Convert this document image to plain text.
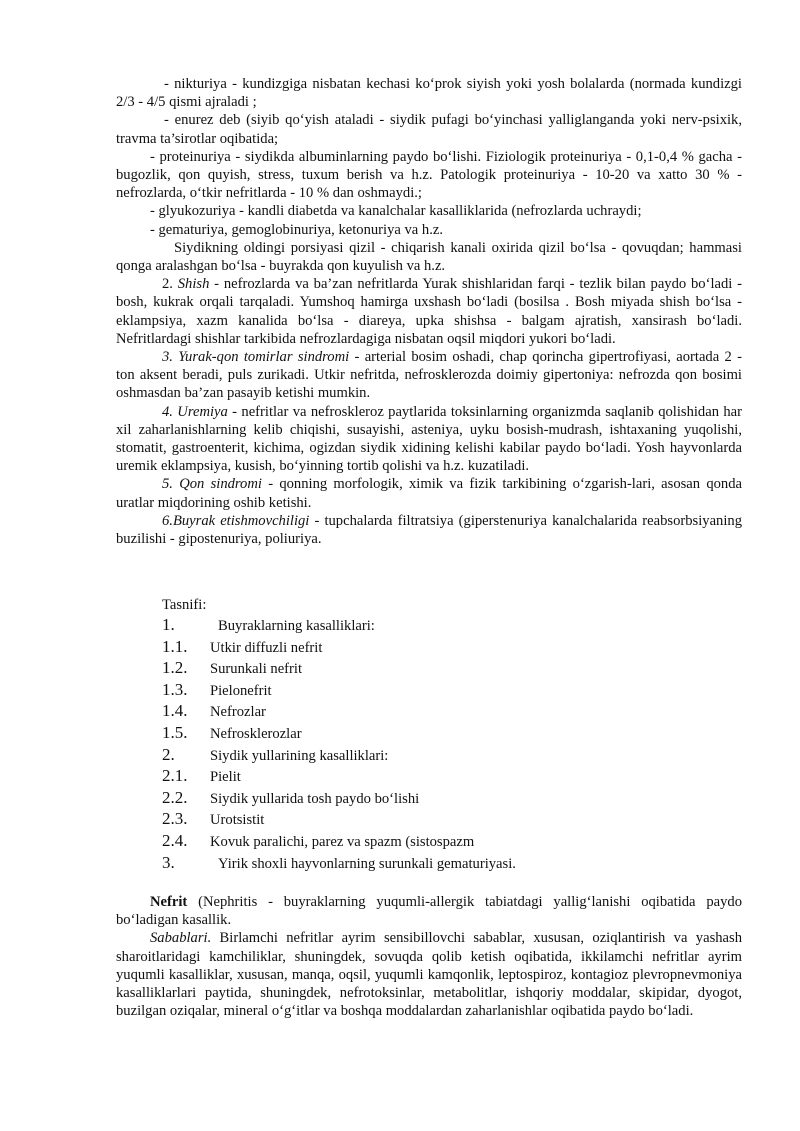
- nikturiya - kundizgiga nisbatan kechasi ko‘prok siyish yoki yosh bolalarda (normada kundizgi 2/3 - 4/5 qismi ajraladi ;

- enurez deb (siyib qo‘yish ataladi - siydik pufagi bo‘yinchasi yalliglanganda yoki nerv-psixik, travma ta’sirotlar oqibatida;

- proteinuriya - siydikda albuminlarning paydo bo‘lishi. Fiziologik proteinuriya - 0,1-0,4 % gacha - bugozlik, qon quyish, stress, tuxum berish va h.z. Patologik proteinuriya - 10-20 va xatto 30 % - nefrozlarda, o‘tkir nefritlarda - 10 % dan oshmaydi.;

- glyukozuriya - kandli diabetda va kanalchalar kasalliklarida (nefrozlarda uchraydi;

- gematuriya, gemoglobinuriya, ketonuriya va h.z.

Siydikning oldingi porsiyasi qizil - chiqarish kanali oxirida qizil bo‘lsa - qovuqdan; hammasi qonga aralashgan bo‘lsa - buyrakda qon kuyulish va h.z.

2. Shish - nefrozlarda va ba’zan nefritlarda Yurak shishlaridan farqi - tezlik bilan paydo bo‘ladi - bosh, kukrak orqali tarqaladi. Yumshoq hamirga uxshash bo‘ladi (bosilsa . Bosh miyada shish bo‘lsa - eklampsiya, xazm kanalida bo‘lsa - diareya, upka shishsa - balgam ajratish, xansirash bo‘ladi. Nefritlardagi shishlar tarkibida nefrozlardagiga nisbatan oqsil miqdori yukori bo‘ladi.

3. Yurak-qon tomirlar sindromi - arterial bosim oshadi, chap qorincha gipertrofiyasi, aortada 2 - ton aksent beradi, puls zurikadi. Utkir nefritda, nefrosklerozda doimiy gipertoniya: nefrozda qon bosimi oshmasdan ba’zan pasayib ketishi mumkin.

4. Uremiya - nefritlar va nefroskleroz paytlarida toksinlarning organizmda saqlanib qolishidan har xil zaharlanishlarning kelib chiqishi, susayishi, asteniya, uyku bosish-mudrash, ishtaxaning yuqolishi, stomatit, gastroenterit, kichima, ogizdan siydik xidining kelishi kabilar paydo bo‘ladi. Yosh hayvonlarda uremik eklampsiya, kusish, bo‘yinning tortib qolishi va h.z. kuzatiladi.

5. Qon sindromi - qonning morfologik, ximik va fizik tarkibining o‘zgarish-lari, asosan qonda uratlar miqdorining oshib ketishi.

6.Buyrak etishmovchiligi - tupchalarda filtratsiya (giperstenuriya kanalchalarida reabsorbsiyaning buzilishi - gipostenuriya, poliuriya.

Tasnifi:
1.	Buyraklarning kasalliklari:
1.1.	Utkir diffuzli nefrit
1.2.	Surunkali nefrit
1.3.	Pielonefrit
1.4.	Nefrozlar
1.5.	Nefrosklerozlar
2.	Siydik yullarining kasalliklari:
2.1.	Pielit
2.2.	Siydik yullarida tosh paydo bo‘lishi
2.3.	Urotsistit
2.4.	Kovuk paralichi, parez va spazm (sistospazm
3.	Yirik shoxli hayvonlarning surunkali gematuriyasi.

Nefrit (Nephritis - buyraklarning yuqumli-allergik tabiatdagi yallig‘lanishi oqibatida paydo bo‘ladigan kasallik.

Sabablari. Birlamchi nefritlar ayrim sensibillovchi sabablar, xususan, oziqlantirish va yashash sharoitlaridagi kamchiliklar, shuningdek, sovuqda qolib ketish oqibatida, ikkilamchi nefritlar ayrim yuqumli kasalliklar, xususan, manqa, oqsil, yuqumli kamqonlik, leptospiroz, kontagioz plevropnevmoniya kasalliklarlari paytida, shuningdek, nefrotoksinlar, metabolitlar, ishqoriy moddalar, skipidar, dyogot, buzilgan oziqalar, mineral o‘g‘itlar va boshqa moddalardan zaharlanishlar oqibatida paydo bo‘ladi.
